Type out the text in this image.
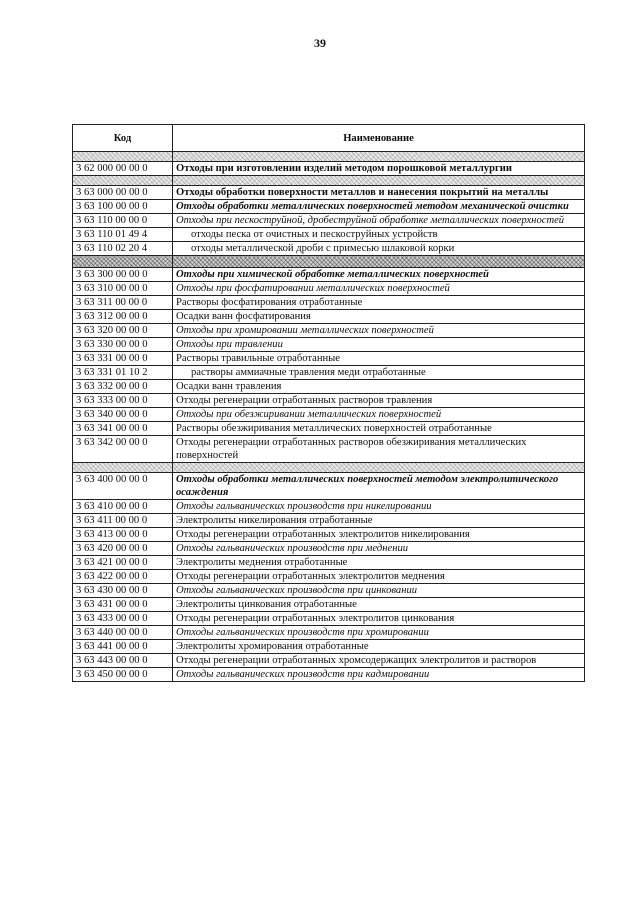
39
Код	Наименование

3 62 000 00 00 0	Отходы при изготовлении изделий методом порошковой металлургии

3 63 000 00 00 0	Отходы обработки поверхности металлов и нанесения покрытий на металлы
3 63 100 00 00 0	Отходы обработки металлических поверхностей методом механической очистки
3 63 110 00 00 0	Отходы при пескоструйной, дробеструйной обработке металлических поверхностей
3 63 110 01 49 4	отходы песка от очистных и пескоструйных устройств
3 63 110 02 20 4	отходы металлической дроби с примесью шлаковой корки

3 63 300 00 00 0	Отходы при химической обработке металлических поверхностей
3 63 310 00 00 0	Отходы при фосфатировании металлических поверхностей
3 63 311 00 00 0	Растворы фосфатирования отработанные
3 63 312 00 00 0	Осадки ванн фосфатирования
3 63 320 00 00 0	Отходы при хромировании металлических поверхностей
3 63 330 00 00 0	Отходы при травлении
3 63 331 00 00 0	Растворы травильные отработанные
3 63 331 01 10 2	растворы аммиачные травления меди отработанные
3 63 332 00 00 0	Осадки ванн травления
3 63 333 00 00 0	Отходы регенерации отработанных растворов травления
3 63 340 00 00 0	Отходы при обезжиривании металлических поверхностей
3 63 341 00 00 0	Растворы обезжиривания металлических поверхностей отработанные
3 63 342 00 00 0	Отходы регенерации отработанных растворов обезжиривания металлических поверхностей

3 63 400 00 00 0	Отходы обработки металлических поверхностей методом электролитического осаждения
3 63 410 00 00 0	Отходы гальванических производств при никелировании
3 63 411 00 00 0	Электролиты никелирования отработанные
3 63 413 00 00 0	Отходы регенерации отработанных электролитов никелирования
3 63 420 00 00 0	Отходы гальванических производств при меднении
3 63 421 00 00 0	Электролиты меднения отработанные
3 63 422 00 00 0	Отходы регенерации отработанных электролитов меднения
3 63 430 00 00 0	Отходы гальванических производств при цинковании
3 63 431 00 00 0	Электролиты цинкования отработанные
3 63 433 00 00 0	Отходы регенерации отработанных электролитов цинкования
3 63 440 00 00 0	Отходы гальванических производств при хромировании
3 63 441 00 00 0	Электролиты хромирования отработанные
3 63 443 00 00 0	Отходы регенерации отработанных хромсодержащих электролитов и растворов
3 63 450 00 00 0	Отходы гальванических производств при кадмировании
